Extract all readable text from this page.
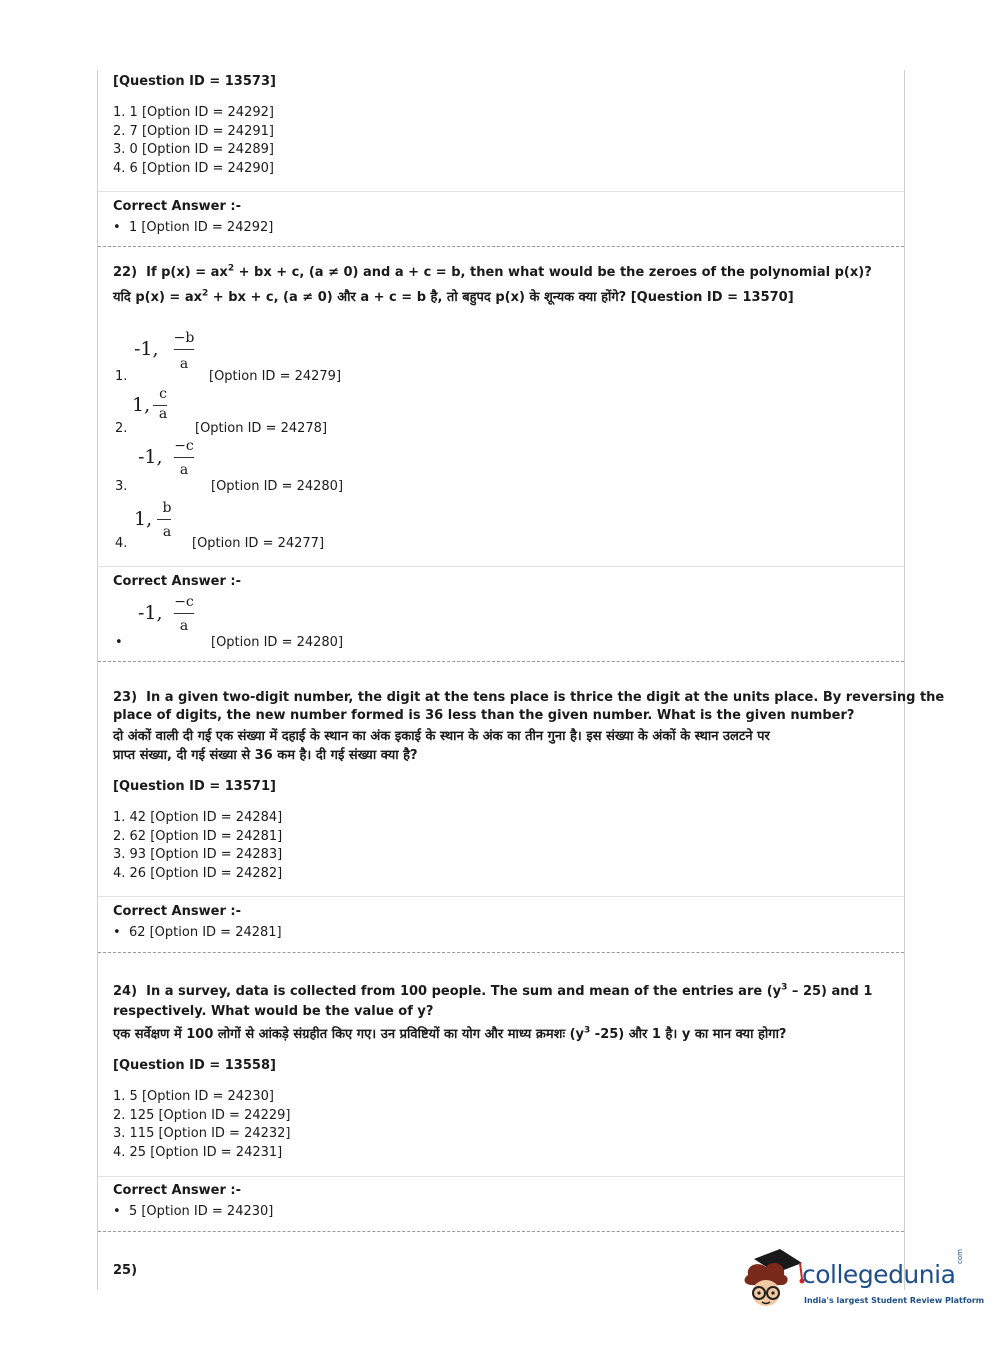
[Question ID = 13573]
1. 1 [Option ID = 24292]
2. 7 [Option ID = 24291]
3. 0 [Option ID = 24289]
4. 6 [Option ID = 24290]
Correct Answer :-
• 1 [Option ID = 24292]
22) If $p(x) = ax^2$ + bx + c, (a ≠ 0) and a + c = b, then what would be the zeroes of the polynomial p(x)?
यदि $p(x) = ax^2$ + bx + c, (a ≠ 0) और a + c = b है, तो बहुपद p(x) के शून्यक क्या होंगे? [Question ID = 13570]
1.
-1, −b
a
[Option ID = 24279]
2.
1, c
a
[Option ID = 24278]
3.
-1, −c
a
[Option ID = 24280]
4.
1, b
a
[Option ID = 24277]
Correct Answer :-
•
-1, −c
a
[Option ID = 24280]
23) In a given two-digit number, the digit at the tens place is thrice the digit at the units place. By reversing the
place of digits, the new number formed is 36 less than the given number. What is the given number?
दो अंकों वाली दी गई एक संख्या में दहाई के स्थान का अंक इकाई के स्थान के अंक का तीन गुना है। इस संख्या के अंकों के स्थान उलटने पर
प्राप्त संख्या, दी गई संख्या से 36 कम है। दी गई संख्या क्या है?
[Question ID = 13571]
1. 42 [Option ID = 24284]
2. 62 [Option ID = 24281]
3. 93 [Option ID = 24283]
4. 26 [Option ID = 24282]
Correct Answer :-
• 62 [Option ID = 24281]
24) In a survey, data is collected from 100 people. The sum and mean of the entries are $(y^3 - 25)$ and 1
respectively. What would be the value of y?
एक सर्वेक्षण में 100 लोगों से आंकड़े संग्रहीत किए गए। उन प्रविष्टियों का योग और माध्य क्रमशः ($y^3$ -25) और 1 है। y का मान क्या होगा?
[Question ID = 13558]
1. 5 [Option ID = 24230]
2. 125 [Option ID = 24229]
3. 115 [Option ID = 24232]
4. 25 [Option ID = 24231]
Correct Answer :-
• 5 [Option ID = 24230]
25)	collegedunia
com
India's largest Student Review Platform
